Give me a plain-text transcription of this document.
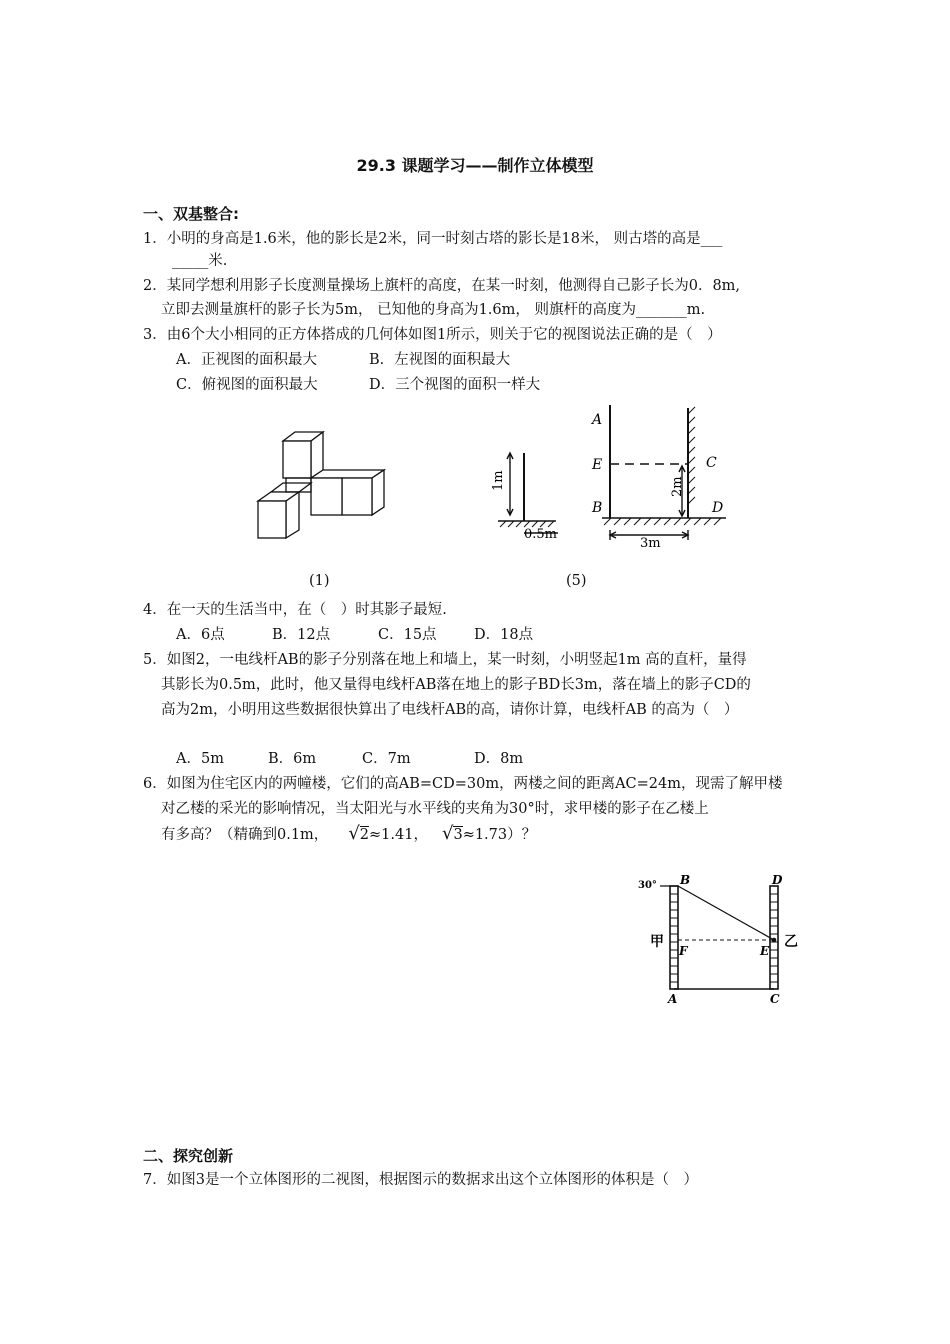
29.3 课题学习——制作立体模型
一、双基整合:
1．小明的身高是1.6米，他的影长是2米，同一时刻古塔的影长是18米， 则古塔的高是___
_____米.
2．某同学想利用影子长度测量操场上旗杆的高度，在某一时刻，他测得自己影子长为0．8m,
立即去测量旗杆的影子长为5m， 已知他的身高为1.6m， 则旗杆的高度为_______m.
3．由6个大小相同的正方体搭成的几何体如图1所示，则关于它的视图说法正确的是（　）
A．正视图的面积最大	B．左视图的面积最大
C．俯视图的面积最大	D．三个视图的面积一样大
(1)
1m
0.5m
A
E
B
C
D
2m
3m
(5)
4．在一天的生活当中，在（　）时其影子最短.
A．6点	B．12点	C．15点	D．18点
5．如图2，一电线杆AB的影子分别落在地上和墙上，某一时刻，小明竖起1m 高的直杆，量得
其影长为0.5m，此时，他又量得电线杆AB落在地上的影子BD长3m，落在墙上的影子CD的
高为2m，小明用这些数据很快算出了电线杆AB的高，请你计算，电线杆AB 的高为（　）
A．5m	B．6m	C．7m	D．8m
6．如图为住宅区内的两幢楼，它们的高AB=CD=30m，两楼之间的距离AC=24m，现需了解甲楼
对乙楼的采光的影响情况，当太阳光与水平线的夹角为30°时，求甲楼的影子在乙楼上
有多高？（精确到0.1m， √2≈1.41， √3≈1.73）？
30° B	D
甲	乙
F	E
A	C
二、探究创新
7．如图3是一个立体图形的二视图，根据图示的数据求出这个立体图形的体积是（　）
